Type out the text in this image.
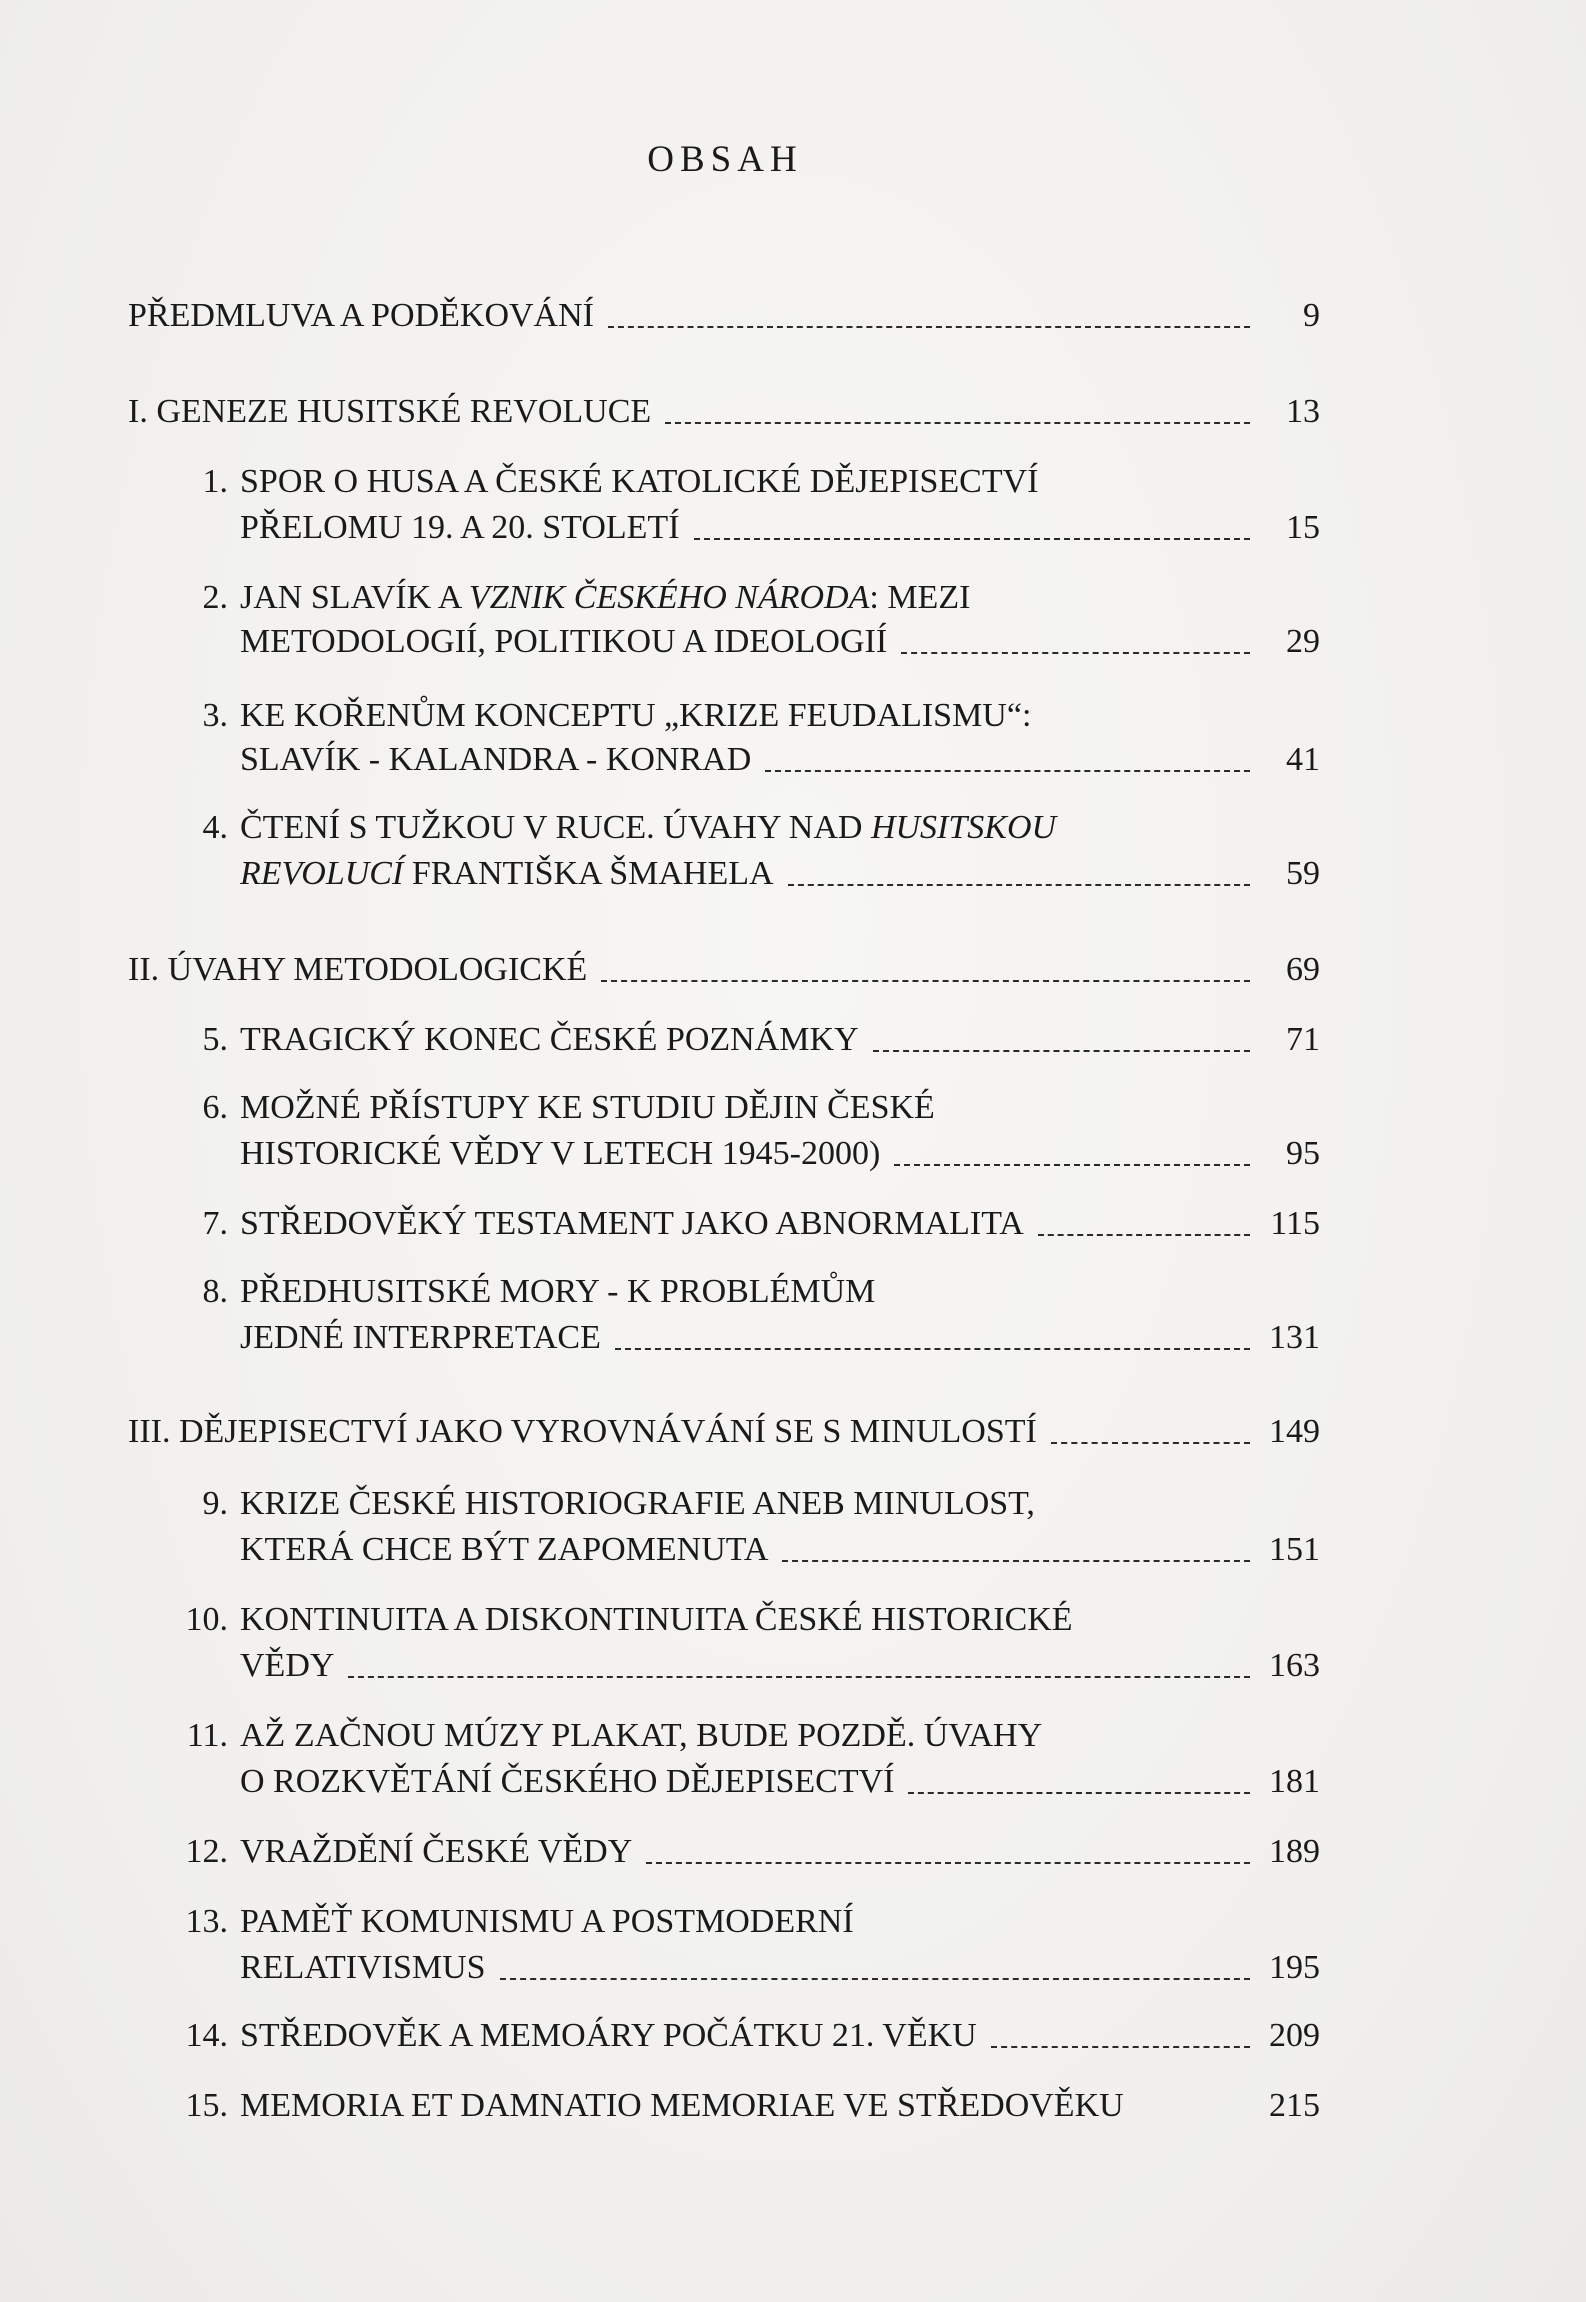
OBSAH
PŘEDMLUVA A PODĚKOVÁNÍ	9
I. GENEZE HUSITSKÉ REVOLUCE	13
1. SPOR O HUSA A ČESKÉ KATOLICKÉ DĚJEPISECTVÍ
PŘELOMU 19. A 20. STOLETÍ	15
2. JAN SLAVÍK A VZNIK ČESKÉHO NÁRODA: MEZI
METODOLOGIÍ, POLITIKOU A IDEOLOGIÍ	29
3. KE KOŘENŮM KONCEPTU „KRIZE FEUDALISMU“:
SLAVÍK - KALANDRA - KONRAD	41
4. ČTENÍ S TUŽKOU V RUCE. ÚVAHY NAD HUSITSKOU
REVOLUCÍ FRANTIŠKA ŠMAHELA	59
II. ÚVAHY METODOLOGICKÉ	69
5. TRAGICKÝ KONEC ČESKÉ POZNÁMKY	71
6. MOŽNÉ PŘÍSTUPY KE STUDIU DĚJIN ČESKÉ
HISTORICKÉ VĚDY V LETECH 1945-2000)	95
7. STŘEDOVĚKÝ TESTAMENT JAKO ABNORMALITA	115
8. PŘEDHUSITSKÉ MORY - K PROBLÉMŮM
JEDNÉ INTERPRETACE	131
III. DĚJEPISECTVÍ JAKO VYROVNÁVÁNÍ SE S MINULOSTÍ	149
9. KRIZE ČESKÉ HISTORIOGRAFIE ANEB MINULOST,
KTERÁ CHCE BÝT ZAPOMENUTA	151
10. KONTINUITA A DISKONTINUITA ČESKÉ HISTORICKÉ
VĚDY	163
11. AŽ ZAČNOU MÚZY PLAKAT, BUDE POZDĚ. ÚVAHY
O ROZKVĚTÁNÍ ČESKÉHO DĚJEPISECTVÍ	181
12. VRAŽDĚNÍ ČESKÉ VĚDY	189
13. PAMĚŤ KOMUNISMU A POSTMODERNÍ
RELATIVISMUS	195
14. STŘEDOVĚK A MEMOÁRY POČÁTKU 21. VĚKU	209
15. MEMORIA ET DAMNATIO MEMORIAE VE STŘEDOVĚKU	215
